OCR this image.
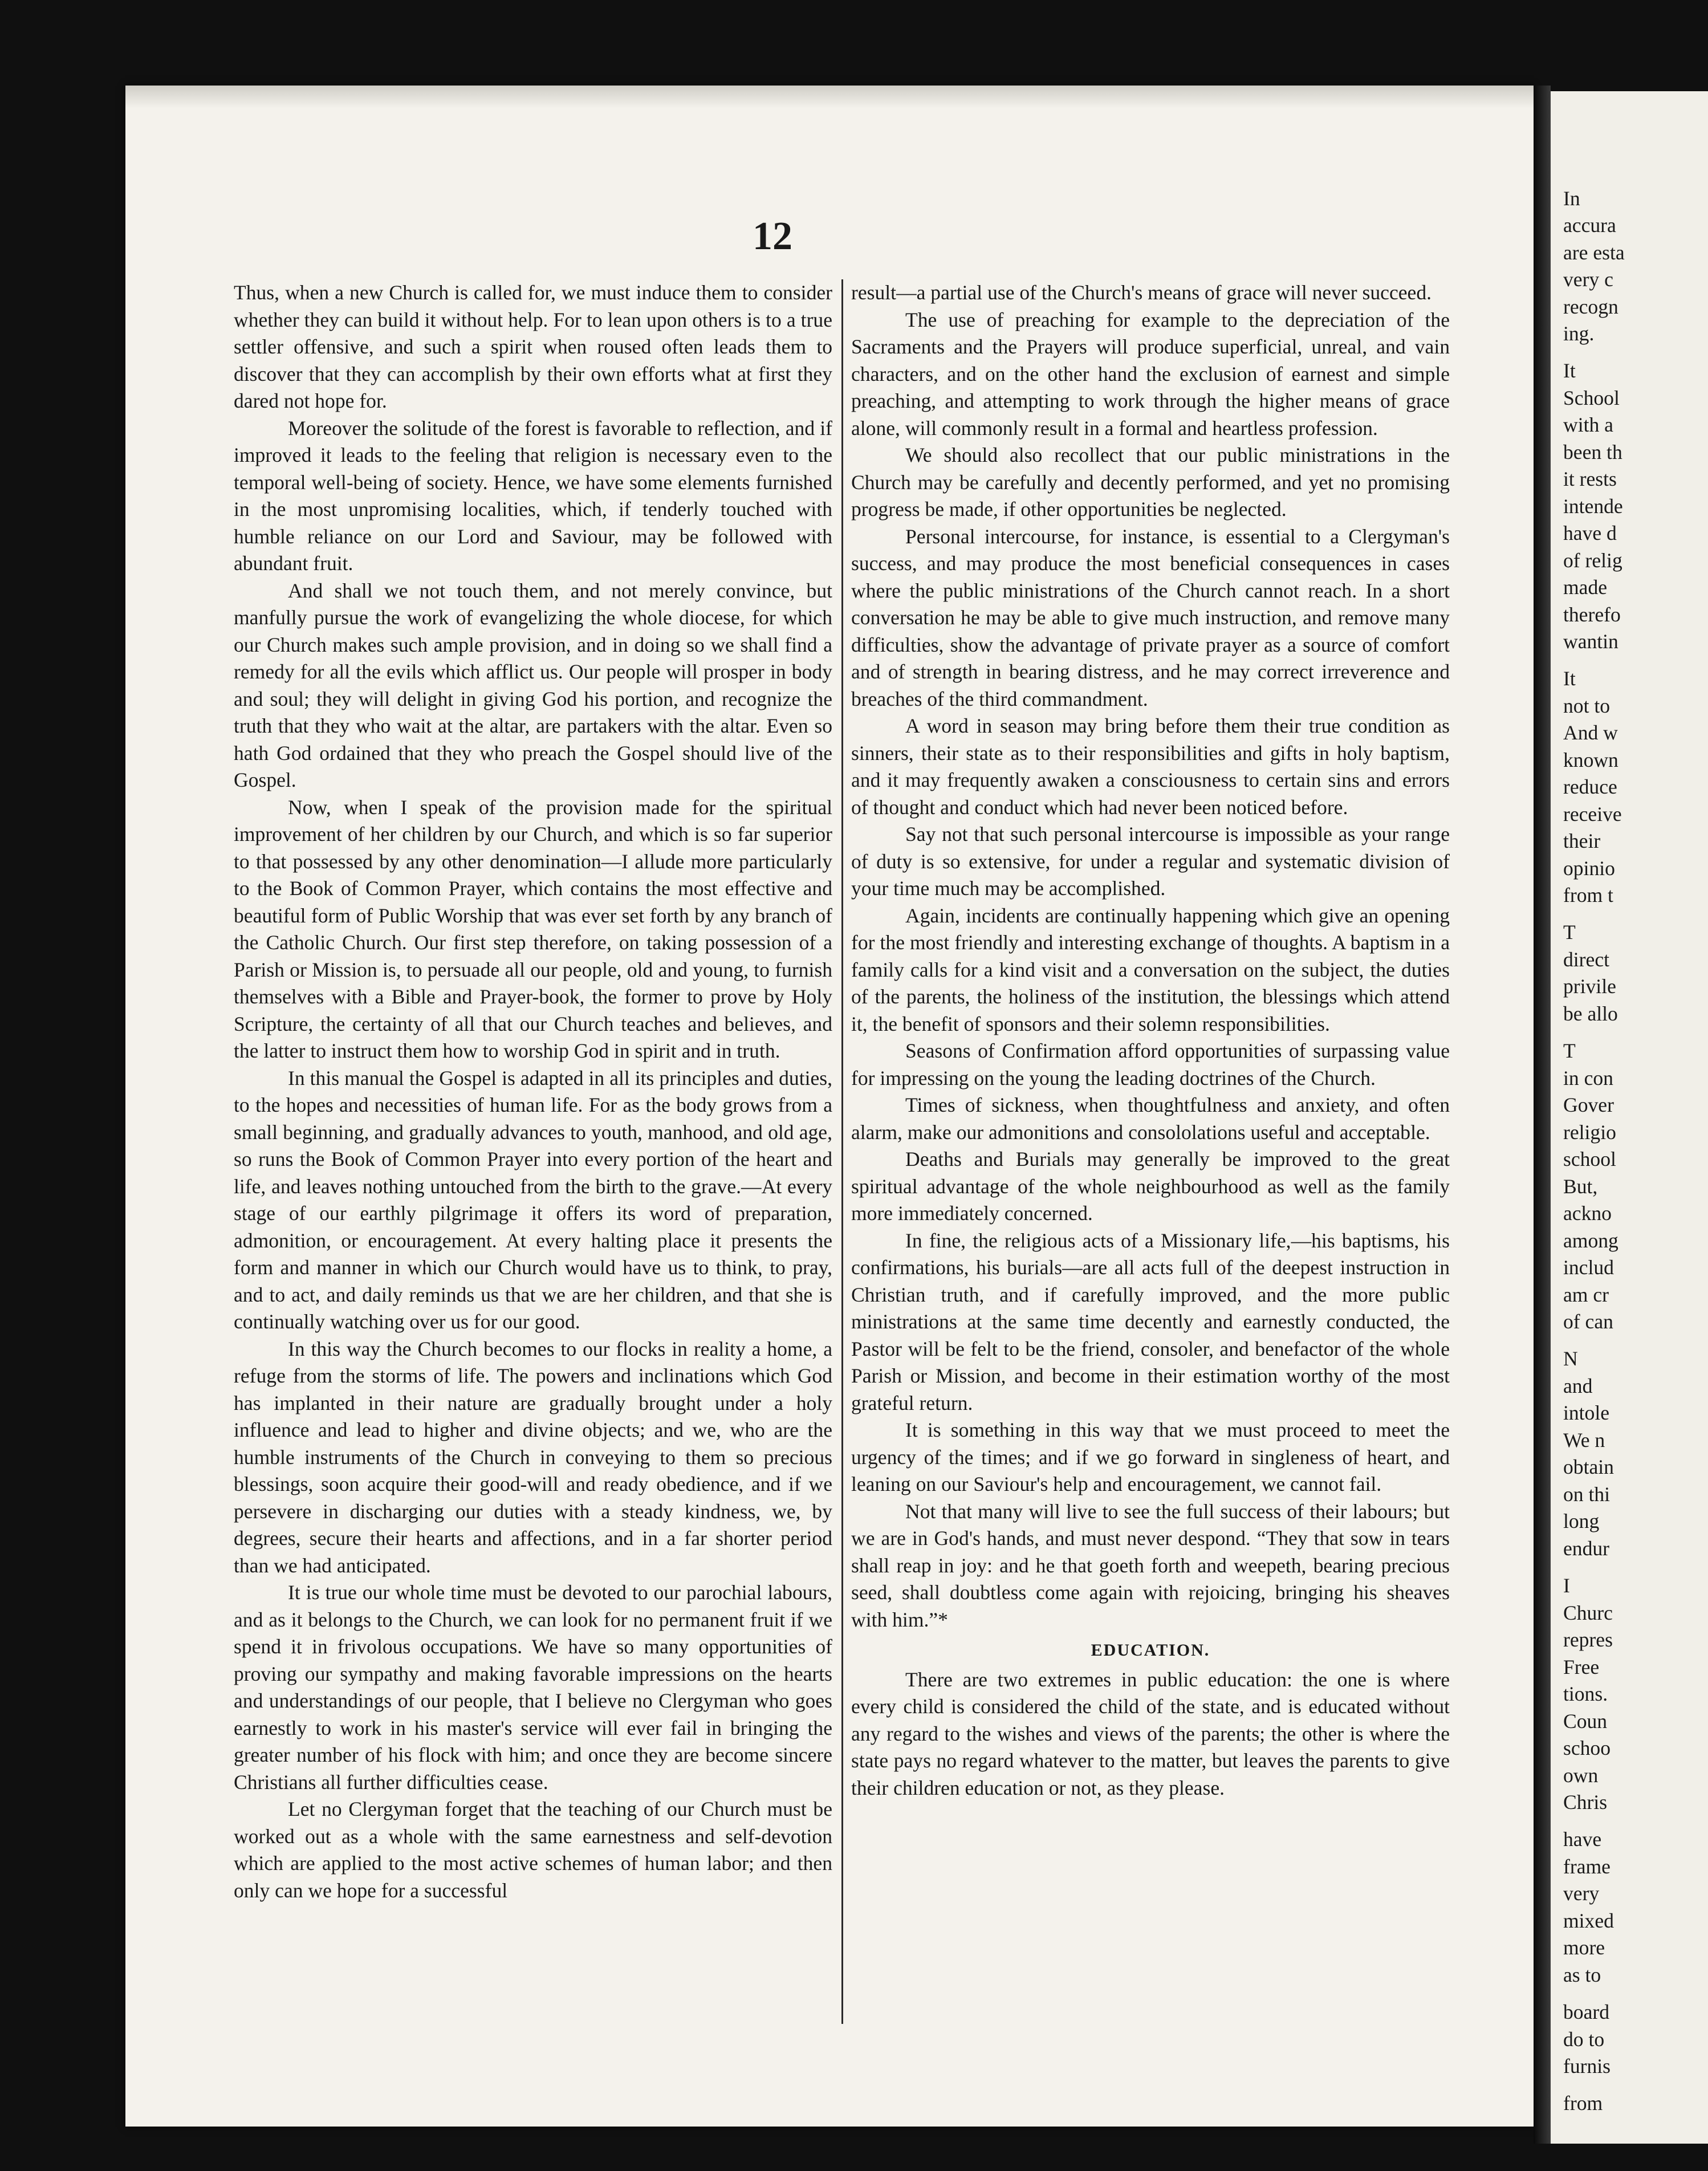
12

Thus, when a new Church is called for, we must induce them to consider whether they can build it without help. For to lean upon others is to a true settler offensive, and such a spirit when roused often leads them to discover that they can accomplish by their own efforts what at first they dared not hope for.

Moreover the solitude of the forest is favorable to reflection, and if improved it leads to the feeling that religion is necessary even to the temporal well-being of society. Hence, we have some elements furnished in the most unpromising localities, which, if tenderly touched with humble reliance on our Lord and Saviour, may be followed with abundant fruit.

And shall we not touch them, and not merely convince, but manfully pursue the work of evangelizing the whole diocese, for which our Church makes such ample provision, and in doing so we shall find a remedy for all the evils which afflict us. Our people will prosper in body and soul; they will delight in giving God his portion, and recognize the truth that they who wait at the altar, are partakers with the altar. Even so hath God ordained that they who preach the Gospel should live of the Gospel.

Now, when I speak of the provision made for the spiritual improvement of her children by our Church, and which is so far superior to that possessed by any other denomination—I allude more particularly to the Book of Common Prayer, which contains the most effective and beautiful form of Public Worship that was ever set forth by any branch of the Catholic Church. Our first step therefore, on taking possession of a Parish or Mission is, to persuade all our people, old and young, to furnish themselves with a Bible and Prayer-book, the former to prove by Holy Scripture, the certainty of all that our Church teaches and believes, and the latter to instruct them how to worship God in spirit and in truth.

In this manual the Gospel is adapted in all its principles and duties, to the hopes and necessities of human life. For as the body grows from a small beginning, and gradually advances to youth, manhood, and old age, so runs the Book of Common Prayer into every portion of the heart and life, and leaves nothing untouched from the birth to the grave.—At every stage of our earthly pilgrimage it offers its word of preparation, admonition, or encouragement. At every halting place it presents the form and manner in which our Church would have us to think, to pray, and to act, and daily reminds us that we are her children, and that she is continually watching over us for our good.

In this way the Church becomes to our flocks in reality a home, a refuge from the storms of life. The powers and inclinations which God has implanted in their nature are gradually brought under a holy influence and lead to higher and divine objects; and we, who are the humble instruments of the Church in conveying to them so precious blessings, soon acquire their good-will and ready obedience, and if we persevere in discharging our duties with a steady kindness, we, by degrees, secure their hearts and affections, and in a far shorter period than we had anticipated.

It is true our whole time must be devoted to our parochial labours, and as it belongs to the Church, we can look for no permanent fruit if we spend it in frivolous occupations. We have so many opportunities of proving our sympathy and making favorable impressions on the hearts and understandings of our people, that I believe no Clergyman who goes earnestly to work in his master's service will ever fail in bringing the greater number of his flock with him; and once they are become sincere Christians all further difficulties cease.

Let no Clergyman forget that the teaching of our Church must be worked out as a whole with the same earnestness and self-devotion which are applied to the most active schemes of human labor; and then only can we hope for a successful

result—a partial use of the Church's means of grace will never succeed.

The use of preaching for example to the depreciation of the Sacraments and the Prayers will produce superficial, unreal, and vain characters, and on the other hand the exclusion of earnest and simple preaching, and attempting to work through the higher means of grace alone, will commonly result in a formal and heartless profession.

We should also recollect that our public ministrations in the Church may be carefully and decently performed, and yet no promising progress be made, if other opportunities be neglected.

Personal intercourse, for instance, is essential to a Clergyman's success, and may produce the most beneficial consequences in cases where the public ministrations of the Church cannot reach. In a short conversation he may be able to give much instruction, and remove many difficulties, show the advantage of private prayer as a source of comfort and of strength in bearing distress, and he may correct irreverence and breaches of the third commandment.

A word in season may bring before them their true condition as sinners, their state as to their responsibilities and gifts in holy baptism, and it may frequently awaken a consciousness to certain sins and errors of thought and conduct which had never been noticed before.

Say not that such personal intercourse is impossible as your range of duty is so extensive, for under a regular and systematic division of your time much may be accomplished.

Again, incidents are continually happening which give an opening for the most friendly and interesting exchange of thoughts. A baptism in a family calls for a kind visit and a conversation on the subject, the duties of the parents, the holiness of the institution, the blessings which attend it, the benefit of sponsors and their solemn responsibilities.

Seasons of Confirmation afford opportunities of surpassing value for impressing on the young the leading doctrines of the Church.

Times of sickness, when thoughtfulness and anxiety, and often alarm, make our admonitions and consololations useful and acceptable.

Deaths and Burials may generally be improved to the great spiritual advantage of the whole neighbourhood as well as the family more immediately concerned.

In fine, the religious acts of a Missionary life,—his baptisms, his confirmations, his burials—are all acts full of the deepest instruction in Christian truth, and if carefully improved, and the more public ministrations at the same time decently and earnestly conducted, the Pastor will be felt to be the friend, consoler, and benefactor of the whole Parish or Mission, and become in their estimation worthy of the most grateful return.

It is something in this way that we must proceed to meet the urgency of the times; and if we go forward in singleness of heart, and leaning on our Saviour's help and encouragement, we cannot fail.

Not that many will live to see the full success of their labours; but we are in God's hands, and must never despond. “They that sow in tears shall reap in joy: and he that goeth forth and weepeth, bearing precious seed, shall doubtless come again with rejoicing, bringing his sheaves with him.”*

EDUCATION.

There are two extremes in public education: the one is where every child is considered the child of the state, and is educated without any regard to the wishes and views of the parents; the other is where the state pays no regard whatever to the matter, but leaves the parents to give their children education or not, as they please.

In
accura
are esta
very c
recogn
ing.
It
School
with a
been th
it rests
intende
have d
of relig
made
therefo
wantin
It
not to
And w
known
reduce
receive
their
opinio
from t
T
direct
privile
be allo
T
in con
Gover
religio
school
But,
ackno
among
includ
am cr
of can
N
and
intole
We n
obtain
on thi
long
endur
I
Churc
repres
Free
tions.
Coun
schoo
own
Chris
have
frame
very
mixed
more
as to
board
do to
furnis
from
